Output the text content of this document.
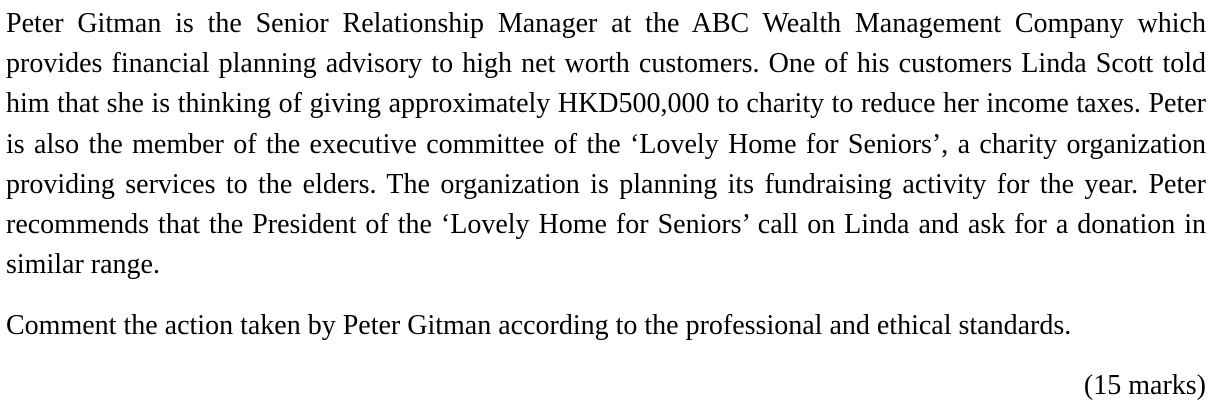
Peter Gitman is the Senior Relationship Manager at the ABC Wealth Management Company which provides financial planning advisory to high net worth customers. One of his customers Linda Scott told him that she is thinking of giving approximately HKD500,000 to charity to reduce her income taxes. Peter is also the member of the executive committee of the ‘Lovely Home for Seniors’, a charity organization providing services to the elders. The organization is planning its fundraising activity for the year. Peter recommends that the President of the ‘Lovely Home for Seniors’ call on Linda and ask for a donation in similar range.

Comment the action taken by Peter Gitman according to the professional and ethical standards.

(15 marks)
